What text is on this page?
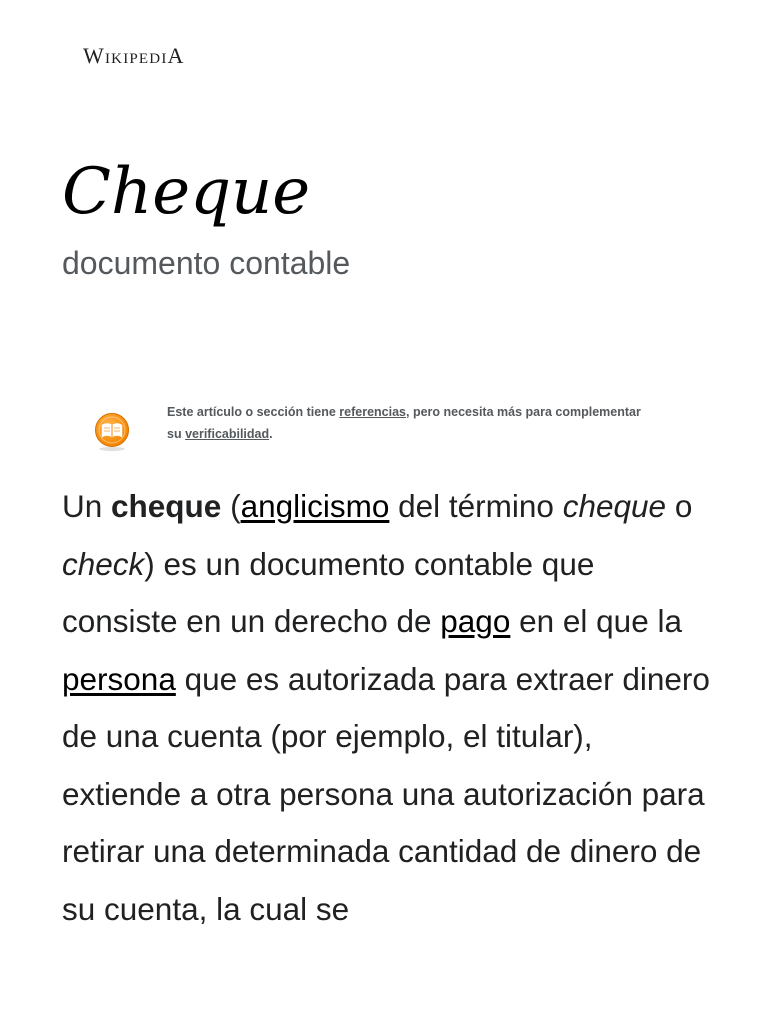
WIKIPEDIA
Cheque
documento contable
Este artículo o sección tiene referencias, pero necesita más para complementar su verificabilidad.

Un cheque (anglicismo del término cheque o check) es un documento contable que consiste en un derecho de pago en el que la persona que es autorizada para extraer dinero de una cuenta (por ejemplo, el titular), extiende a otra persona una autorización para retirar una determinada cantidad de dinero de su cuenta, la cual se
